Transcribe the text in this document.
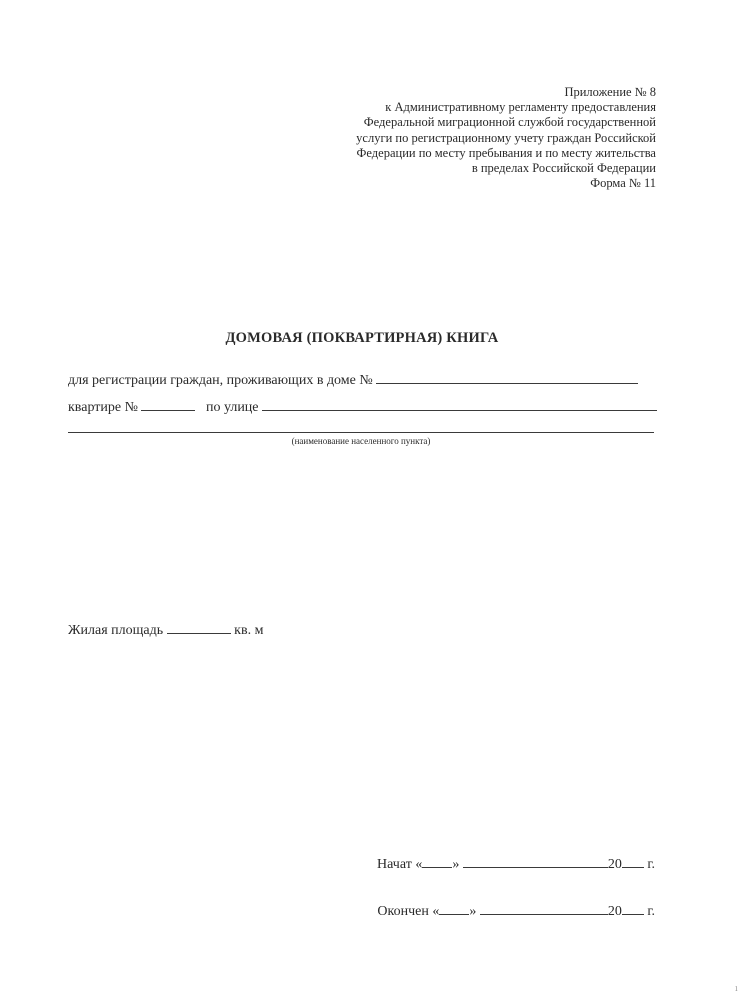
Приложение № 8
к Административному регламенту предоставления
Федеральной миграционной службой государственной
услуги по регистрационному учету граждан Российской
Федерации по месту пребывания и по месту жительства
в пределах Российской Федерации
Форма № 11
ДОМОВАЯ (ПОКВАРТИРНАЯ) КНИГА
для регистрации граждан, проживающих в доме №
квартире №	по улице
(наименование населенного пункта)
Жилая площадь	кв. м
Начат « »	20 г.
Окончен « »	20 г.
1
